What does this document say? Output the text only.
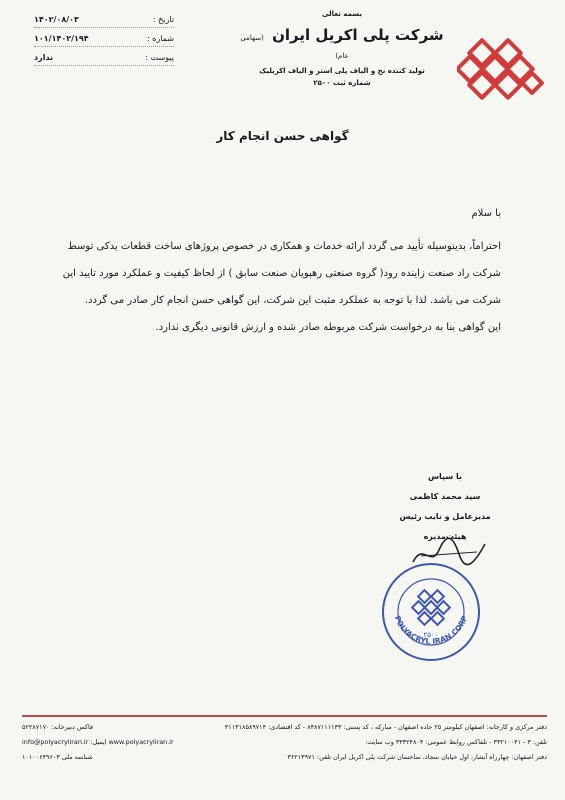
بسمه تعالی
شرکت پلی اکریل ایران (سهامی عام)
تولید کننده نخ و الیاف پلی استر و الیاف اکریلیک
شماره ثبت ۲۵۰۰
تاریخ :
۱۴۰۲/۰۸/۰۳
شماره :
۱۰۱/۱۴۰۲/۱۹۴
پیوست :
ندارد
گواهی حسن انجام کار

با سلام

احتراماً، بدینوسیله تأیید می گردد ارائه خدمات و همکاری در خصوص پروژهای ساخت قطعات یدکی توسط شرکت راد صنعت زاینده رود( گروه صنعتی رهپویان صنعت سابق ) از لحاظ کیفیت و عملکرد مورد تایید این شرکت می باشد. لذا با توجه به عملکرد مثبت این شرکت، این گواهی حسن انجام کار صادر می گردد.

این گواهی بنا به درخواست شرکت مربوطه صادر شده و ارزش قانونی دیگری ندارد.

با سپاس
سید محمد کاظمی
مدیرعامل و نایب رئیس هیئت‌مدیره
POLYACRYL IRAN CORP
۲۵۰۰
دفتر مرکزی و کارخانه: اصفهان کیلومتر ۲۵ جاده اصفهان - مبارکه ، کد پستی: ۸۴۸۷۱۱۱۱۳۳ - کد اقتصادی: ۴۱۱۳۱۸۵۸۹۷۱۴
فاکس دبیرخانه: ۵۲۲۸۷۱۷۰
تلفن: ۳ - ۳۳۲۱۰۰۴۱ - تلفاکس روابط عمومی: ۳۳۳۲۴۸۰۴ وب سایت:
www.polyacryliran.ir ایمیل: info@polyacryliran.ir
دفتر اصفهان: چهارراه آبشار، اول خیابان سجاد، ساختمان شرکت پلی اکریل ایران تلفن: ۳۶۲۱۳۹۷۱
شناسه ملی ۱۰۱۰۰۶۴۹۶۰۳
